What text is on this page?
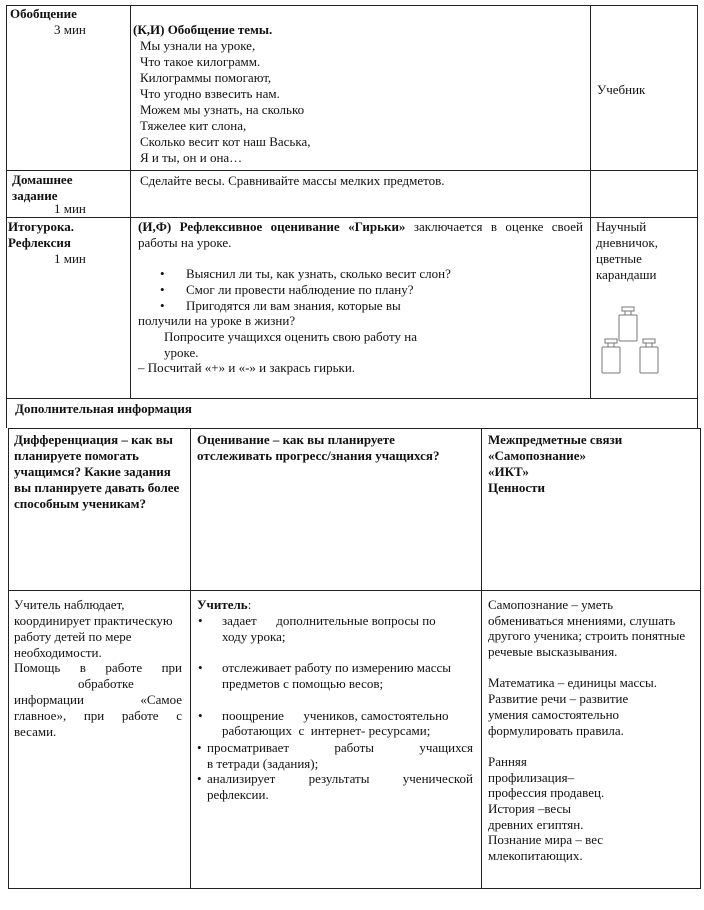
Обобщение
3 мин	(К,И) Обобщение темы.
Мы узнали на уроке,
Что такое килограмм.
Килограммы помогают,
Что угодно взвесить нам.
Можем мы узнать, на сколько
Тяжелее кит слона,
Сколько весит кот наш Васька,
Я и ты, он и она…
Учебник
Домашнее задание
1 мин
Сделайте весы. Сравнивайте массы мелких предметов.
Итогурока.
Рефлексия
1 мин
(И,Ф) Рефлексивное оценивание «Гирьки» заключается в оценке своей
работы на уроке.
• Выяснил ли ты, как узнать, сколько весит слон?
• Смог ли провести наблюдение по плану?
• Пригодятся ли вам знания, которые вы
получили на уроке в жизни?
Попросите учащихся оценить свою работу на
уроке.
– Посчитай «+» и «-» и закрась гирьки.
Научный
дневничок,
цветные
карандаши
Дополнительная информация
Дифференциация – как вы планируете помогать учащимся? Какие задания вы планируете давать более способным ученикам?
Оценивание – как вы планируете отслеживать прогресс/знания учащихся?
Межпредметные связи
«Самопознание»
«ИКТ»
Ценности
Учитель наблюдает,
координирует практическую
работу детей по мере
необходимости.
Помощь в работе при
обработке
информации «Самое
главное», при работе с
весами.
Учитель:
• задает      дополнительные вопросы по
ходу урока;
• отслеживает работу по измерению массы
предметов с помощью весов;
• поощрение      учеников, самостоятельно
работающих  с  интернет- ресурсами;
• просматривает работы учащихся
в тетради (задания);
• анализирует результаты ученической
рефлексии.
Самопознание – уметь
обмениваться мнениями, слушать
другого ученика; строить понятные
речевые высказывания.
Математика – единицы массы.
Развитие речи – развитие
умения самостоятельно
формулировать правила.
Ранняя
профилизация–
профессия продавец.
История –весы
древних египтян.
Познание мира – вес
млекопитающих.
